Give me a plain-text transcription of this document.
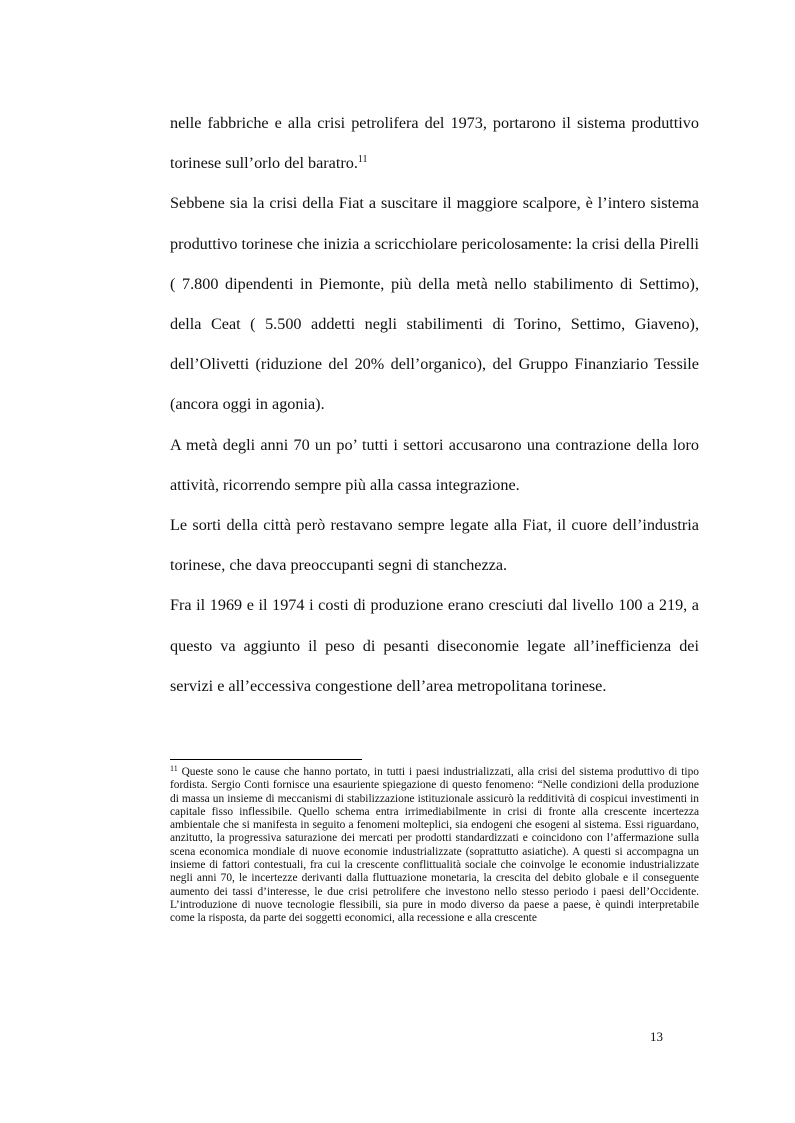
nelle fabbriche e alla crisi petrolifera del 1973, portarono il sistema produttivo torinese sull’orlo del baratro.$^{11}$

Sebbene sia la crisi della Fiat a suscitare il maggiore scalpore, è l’intero sistema produttivo torinese che inizia a scricchiolare pericolosamente: la crisi della Pirelli ( 7.800 dipendenti in Piemonte, più della metà nello stabilimento di Settimo), della Ceat ( 5.500 addetti negli stabilimenti di Torino, Settimo, Giaveno), dell’Olivetti (riduzione del 20% dell’organico), del Gruppo Finanziario Tessile (ancora oggi in agonia).

A metà degli anni 70 un po’ tutti i settori accusarono una contrazione della loro attività, ricorrendo sempre più alla cassa integrazione.

Le sorti della città però restavano sempre legate alla Fiat, il cuore dell’industria torinese, che dava preoccupanti segni di stanchezza.

Fra il 1969 e il 1974 i costi di produzione erano cresciuti dal livello 100 a 219, a questo va aggiunto il peso di pesanti diseconomie legate all’inefficienza dei servizi e all’eccessiva congestione dell’area metropolitana torinese.

$^{11}$ Queste sono le cause che hanno portato, in tutti i paesi industrializzati, alla crisi del sistema produttivo di tipo fordista. Sergio Conti fornisce una esauriente spiegazione di questo fenomeno: “Nelle condizioni della produzione di massa un insieme di meccanismi di stabilizzazione istituzionale assicurò la redditività di cospicui investimenti in capitale fisso inflessibile. Quello schema entra irrimediabilmente in crisi di fronte alla crescente incertezza ambientale che si manifesta in seguito a fenomeni molteplici, sia endogeni che esogeni al sistema. Essi riguardano, anzitutto, la progressiva saturazione dei mercati per prodotti standardizzati e coincidono con l’affermazione sulla scena economica mondiale di nuove economie industrializzate (soprattutto asiatiche). A questi si accompagna un insieme di fattori contestuali, fra cui la crescente conflittualità sociale che coinvolge le economie industrializzate negli anni 70, le incertezze derivanti dalla fluttuazione monetaria, la crescita del debito globale e il conseguente aumento dei tassi d’interesse, le due crisi petrolifere che investono nello stesso periodo i paesi dell’Occidente. L’introduzione di nuove tecnologie flessibili, sia pure in modo diverso da paese a paese, è quindi interpretabile come la risposta, da parte dei soggetti economici, alla recessione e alla crescente

13
